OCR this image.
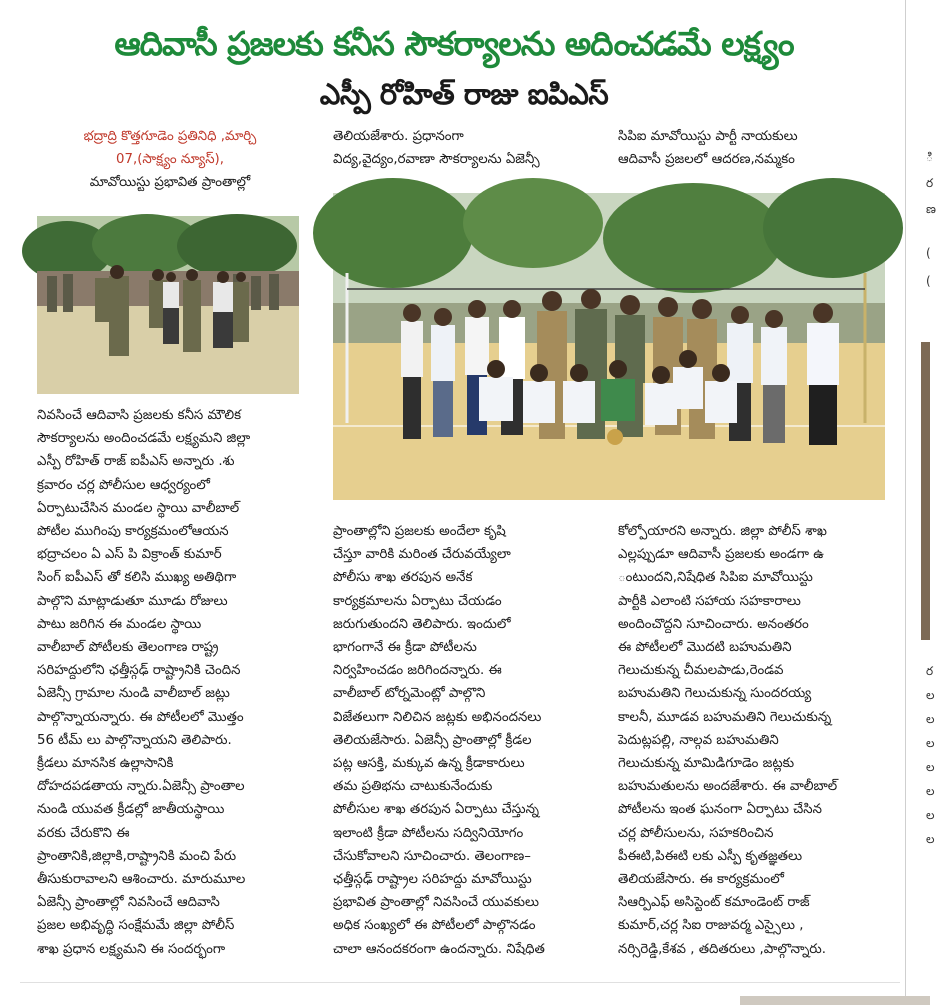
ఆదివాసీ ప్రజలకు కనీస సౌకర్యాలను అదించడమే లక్ష్యం
ఎస్పీ రోహిత్ రాజు ఐపిఎస్

భద్రాద్రి కొత్తగూడెం ప్రతినిధి ,మార్చి

07,(సాక్ష్యం న్యూస్),

మావోయిస్టు ప్రభావిత ప్రాంతాల్లో

నివసించే ఆదివాసి ప్రజలకు కనీస మౌలిక

సౌకర్యాలను అందించడమే లక్ష్యమని జిల్లా

ఎస్పీ రోహిత్ రాజ్ ఐపీఎస్ అన్నారు .శు

క్రవారం చర్ల పోలీసుల ఆధ్వర్యంలో

ఏర్పాటుచేసిన మండల స్థాయి వాలీబాల్

పోటీల ముగింపు కార్యక్రమంలోఆయన

భద్రాచలం ఏ ఎస్ పి విక్రాంత్ కుమార్

సింగ్ ఐపీఎస్ తో కలిసి ముఖ్య అతిథిగా

పాల్గొని మాట్లాడుతూ మూడు రోజులు

పాటు జరిగిన ఈ మండల స్థాయి

వాలీబాల్ పోటీలకు తెలంగాణ రాష్ట్ర

సరిహద్దులోని ఛత్తీస్గఢ్ రాష్ట్రానికి చెందిన

ఏజెన్సీ గ్రామాల నుండి వాలీబాల్ జట్లు

పాల్గొన్నాయన్నారు. ఈ పోటీలలో మొత్తం

56 టీమ్ లు పాల్గొన్నాయని తెలిపారు.

క్రీడలు మానసిక ఉల్లాసానికి

దోహదపడతాయ న్నారు.ఏజెన్సీ ప్రాంతాల

నుండి యువత క్రీడల్లో జాతీయస్థాయి

వరకు చేరుకొని ఈ

ప్రాంతానికి,జిల్లాకి,రాష్ట్రానికి మంచి పేరు

తీసుకురావాలని ఆశించారు. మారుమూల

ఏజెన్సీ ప్రాంతాల్లో నివసించే ఆదివాసి

ప్రజల అభివృద్ధి సంక్షేమమే జిల్లా పోలీస్

శాఖ ప్రధాన లక్ష్యమని ఈ సందర్భంగా

తెలియజేశారు. ప్రధానంగా

విద్య,వైద్యం,రవాణా సౌకర్యాలను ఏజెన్సీ

సిపిఐ మావోయిస్టు పార్టీ నాయకులు

ఆదివాసీ ప్రజలలో ఆదరణ,నమ్మకం

ప్రాంతాల్లోని ప్రజలకు అందేలా కృషి

చేస్తూ వారికి మరింత చేరువయ్యేలా

పోలీసు శాఖ తరపున అనేక

కార్యక్రమాలను ఏర్పాటు చేయడం

జరుగుతుందని తెలిపారు. ఇందులో

భాగంగానే ఈ క్రీడా పోటీలను

నిర్వహించడం జరిగిందన్నారు. ఈ

వాలీబాల్ టోర్నమెంట్లో పాల్గొని

విజేతలుగా నిలిచిన జట్లకు అభినందనలు

తెలియజేసారు. ఏజెన్సీ ప్రాంతాల్లో క్రీడల

పట్ల ఆసక్తి, మక్కువ ఉన్న క్రీడాకారులు

తమ ప్రతిభను చాటుకునేందుకు

పోలీసుల శాఖ తరపున ఏర్పాటు చేస్తున్న

ఇలాంటి క్రీడా పోటీలను సద్వినియోగం

చేసుకోవాలని సూచించారు. తెలంగాణ–

ఛత్తీస్గఢ్ రాష్ట్రాల సరిహద్దు మావోయిస్టు

ప్రభావిత ప్రాంతాల్లో నివసించే యువకులు

అధిక సంఖ్యలో ఈ పోటీలలో పాల్గొనడం

చాలా ఆనందకరంగా ఉందన్నారు. నిషేధిత

కోల్పోయారని అన్నారు. జిల్లా పోలీస్ శాఖ

ఎల్లప్పుడూ ఆదివాసీ ప్రజలకు అండగా ఉ

ంటుందని,నిషేధిత సిపిఐ మావోయిస్టు

పార్టీకి ఎలాంటి సహాయ సహకారాలు

అందించొద్దని సూచించారు. అనంతరం

ఈ పోటీలలో మొదటి బహుమతిని

గెలుచుకున్న చీమలపాడు,రెండవ

బహుమతిని గెలుచుకున్న సుందరయ్య

కాలనీ, మూడవ బహుమతిని గెలుచుకున్న

పెదుట్లపల్లి, నాల్గవ బహుమతిని

గెలుచుకున్న మామిడిగూడెం జట్లకు

బహుమతులను అందజేశారు. ఈ వాలీబాల్

పోటీలను ఇంత ఘనంగా ఏర్పాటు చేసిన

చర్ల పోలీసులను, సహకరించిన

పీఈటి,పిఈటి లకు ఎస్పీ కృతజ్ఞతలు

తెలియజేసారు. ఈ కార్యక్రమంలో

సిఆర్పిఎఫ్ అసిస్టెంట్ కమాండెంట్ రాజ్

కుమార్,చర్ల సిఐ రాజువర్మ ఎస్సైలు ,

నర్సిరెడ్డి,కేశవ , తదితరులు ,పాల్గొన్నారు.

ి
ర
ణ
(
(
ర
ల
ల
ల
ల
ల
ల
ల
